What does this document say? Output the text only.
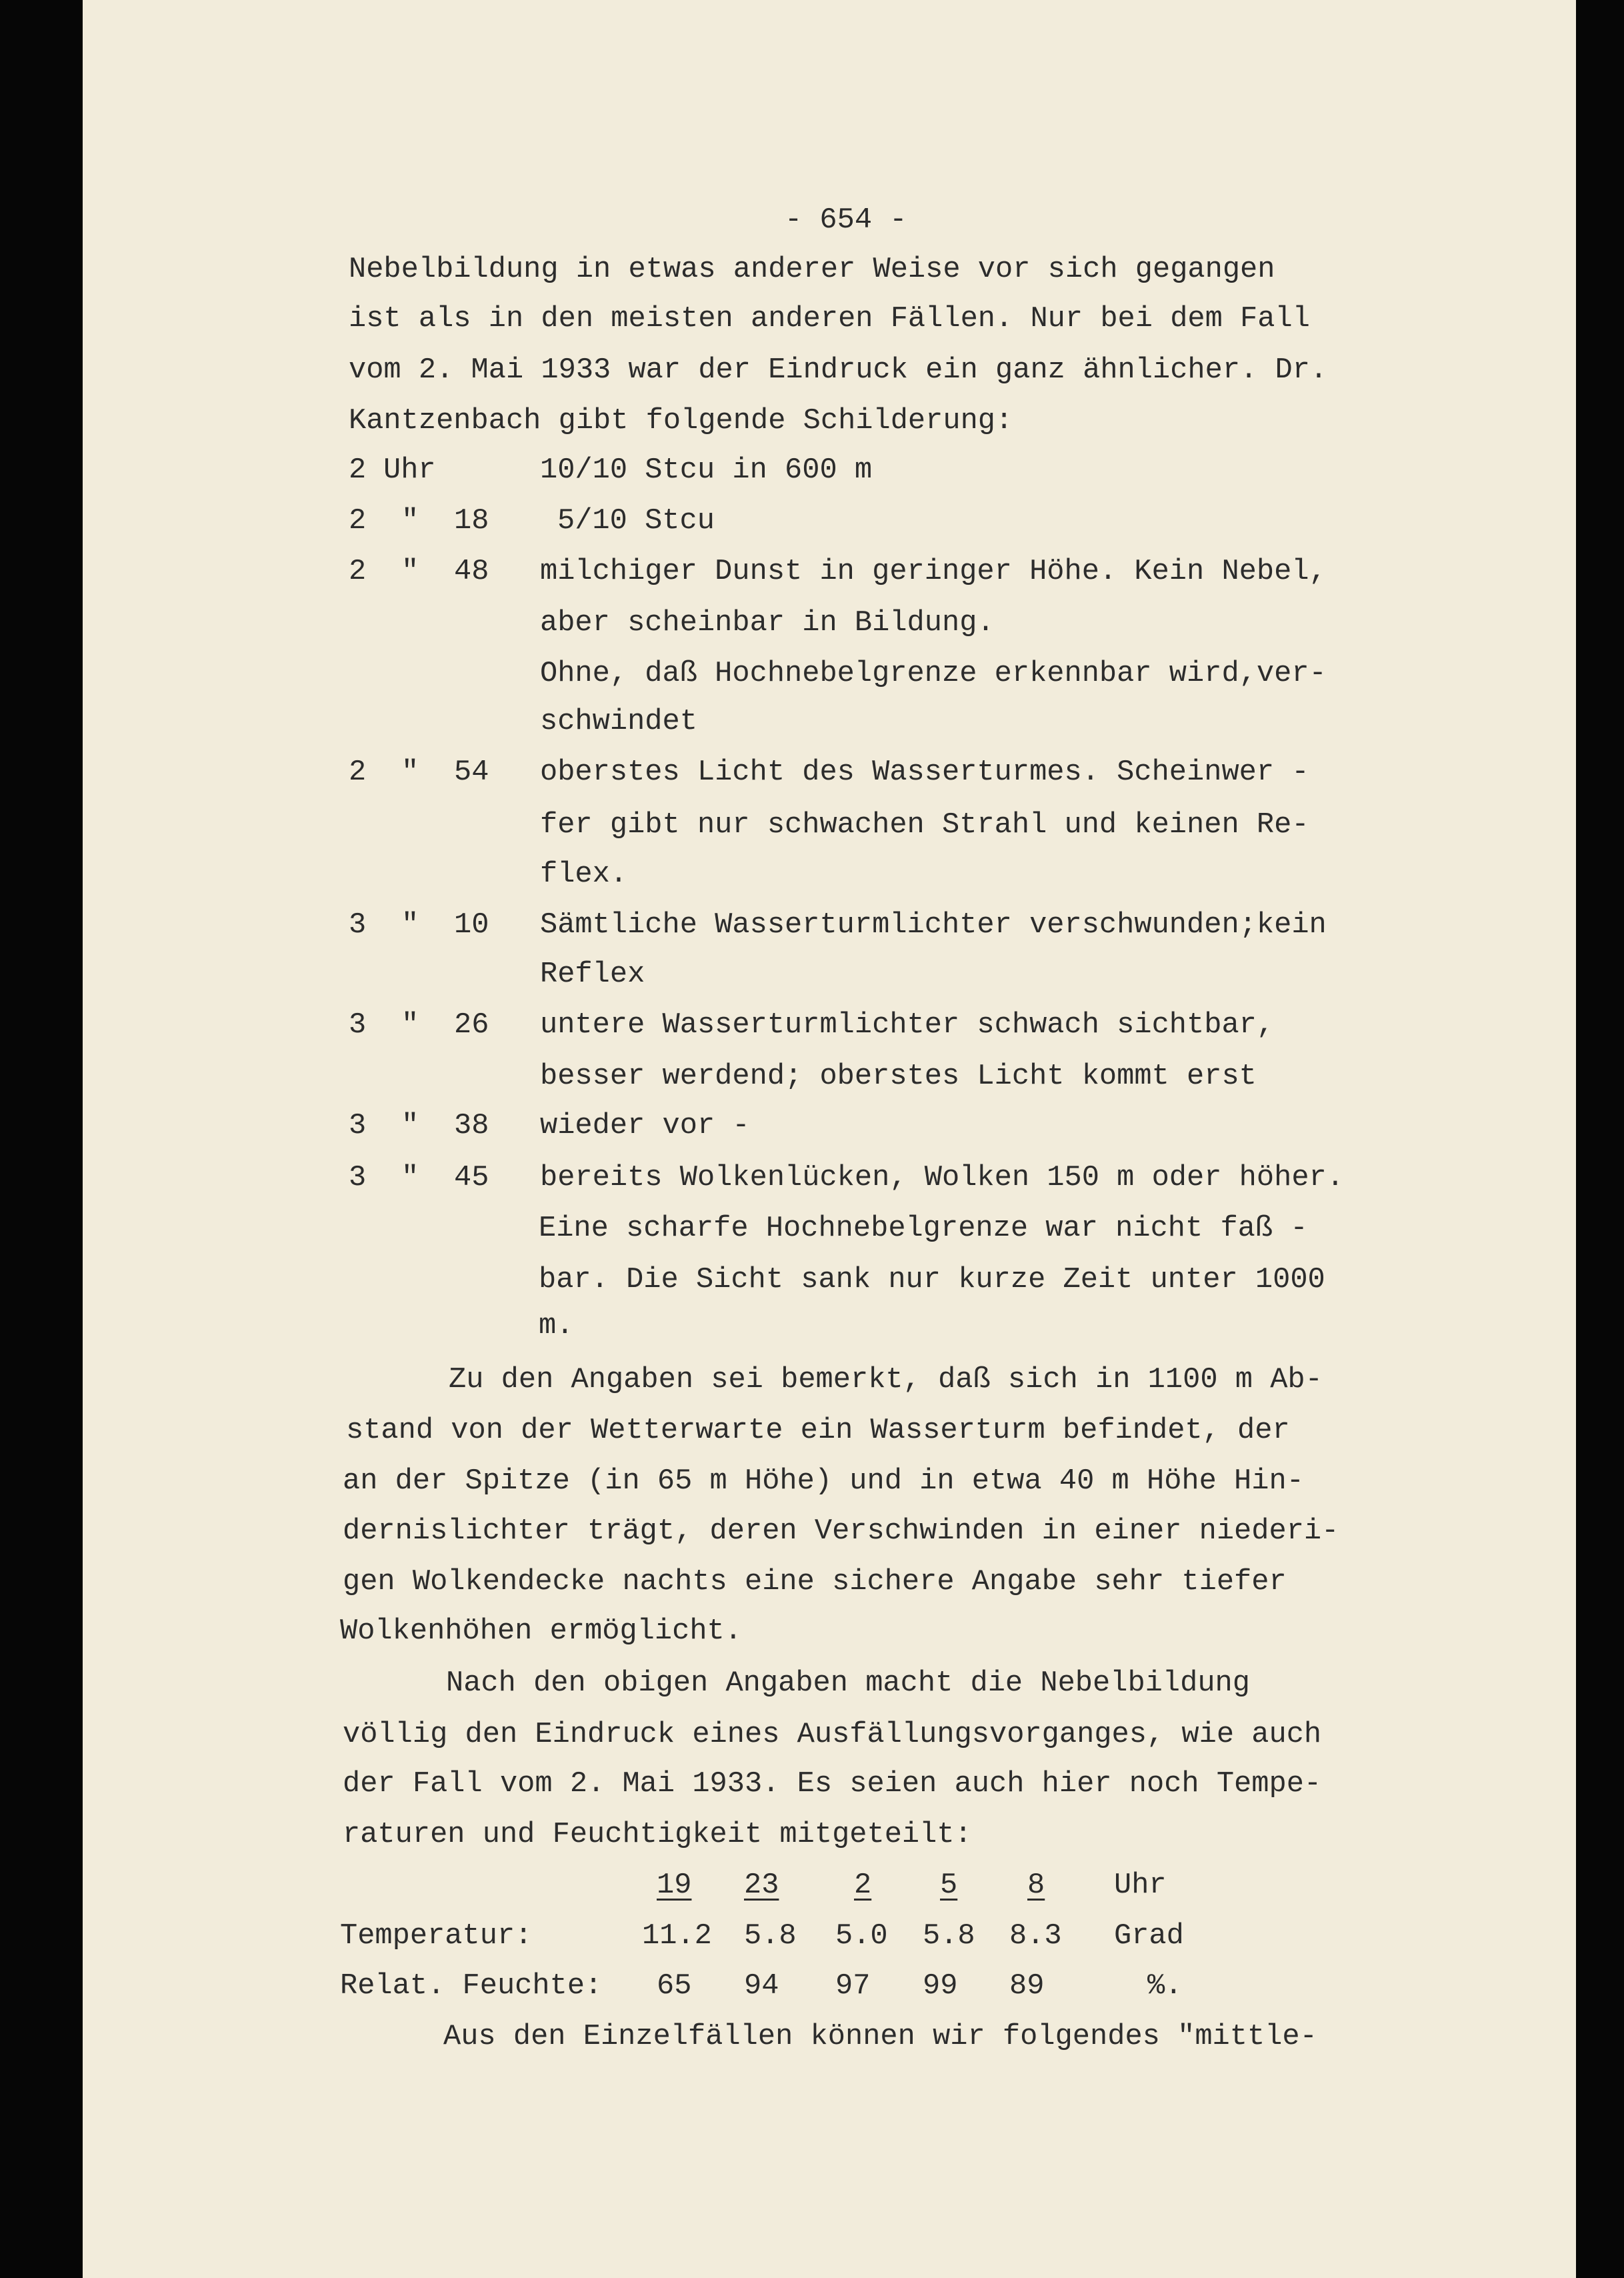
- 654 -
Nebelbildung in etwas anderer Weise vor sich gegangen
ist als in den meisten anderen Fällen. Nur bei dem Fall
vom 2. Mai 1933 war der Eindruck ein ganz ähnlicher. Dr.
Kantzenbach gibt folgende Schilderung:
2 Uhr	10/10 Stcu in 600 m
2 " 18 5/10 Stcu
2 " 48 milchiger Dunst in geringer Höhe. Kein Nebel,
aber scheinbar in Bildung.
Ohne, daß Hochnebelgrenze erkennbar wird,ver-
schwindet
2 " 54 oberstes Licht des Wasserturmes. Scheinwer -
fer gibt nur schwachen Strahl und keinen Re-
flex.
3 " 10 Sämtliche Wasserturmlichter verschwunden;kein
Reflex
3 " 26 untere Wasserturmlichter schwach sichtbar,
besser werdend; oberstes Licht kommt erst
3 " 38 wieder vor -
3 " 45 bereits Wolkenlücken, Wolken 150 m oder höher.
Eine scharfe Hochnebelgrenze war nicht faß -
bar. Die Sicht sank nur kurze Zeit unter 1000
m.
Zu den Angaben sei bemerkt, daß sich in 1100 m Ab-
stand von der Wetterwarte ein Wasserturm befindet, der
an der Spitze (in 65 m Höhe) und in etwa 40 m Höhe Hin-
dernislichter trägt, deren Verschwinden in einer niederi-
gen Wolkendecke nachts eine sichere Angabe sehr tiefer
Wolkenhöhen ermöglicht.
Nach den obigen Angaben macht die Nebelbildung
völlig den Eindruck eines Ausfällungsvorganges, wie auch
der Fall vom 2. Mai 1933. Es seien auch hier noch Tempe-
raturen und Feuchtigkeit mitgeteilt:
19 23	2 5 8 Uhr
Temperatur:	11.2 5.8 5.0 5.8 8.3 Grad
Relat. Feuchte: 65 94 97 99 89	%.
Aus den Einzelfällen können wir folgendes "mittle-
